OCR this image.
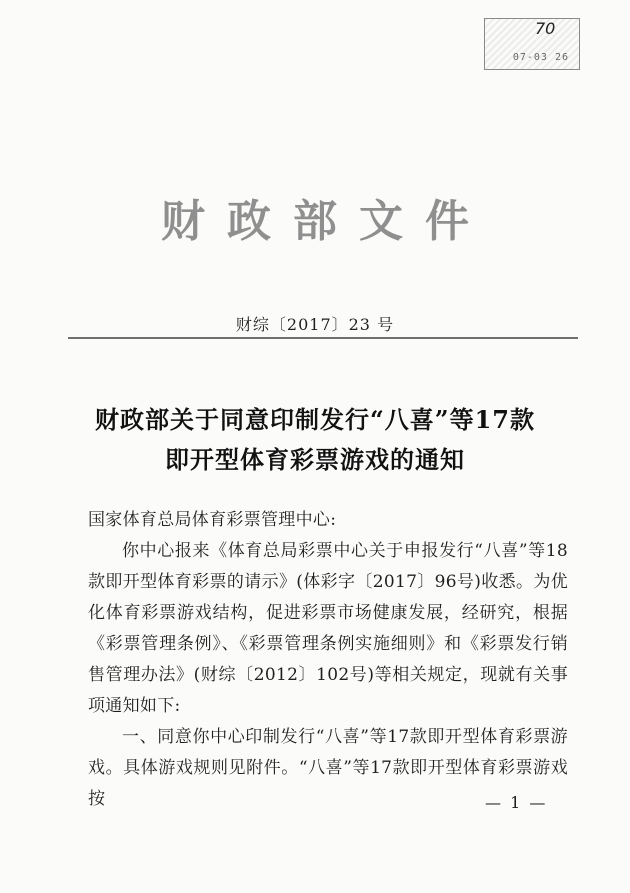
70
07-03 26
财政部文件
财综〔2017〕23 号
财政部关于同意印制发行“八喜”等17款
即开型体育彩票游戏的通知

国家体育总局体育彩票管理中心:

你中心报来《体育总局彩票中心关于申报发行“八喜”等18款即开型体育彩票的请示》(体彩字〔2017〕96号)收悉。为优化体育彩票游戏结构，促进彩票市场健康发展，经研究，根据《彩票管理条例》、《彩票管理条例实施细则》和《彩票发行销售管理办法》(财综〔2012〕102号)等相关规定，现就有关事项通知如下:

一、同意你中心印制发行“八喜”等17款即开型体育彩票游戏。具体游戏规则见附件。“八喜”等17款即开型体育彩票游戏按	— 1 —
